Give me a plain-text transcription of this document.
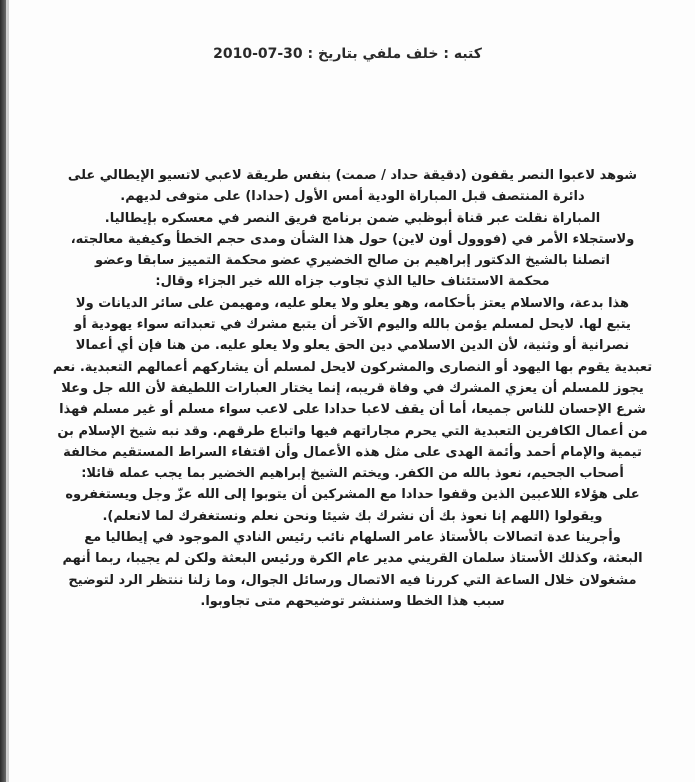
كتبه : خلف ملفي بتاريخ : 30-07-2010
شوهد لاعبوا النصر يقفون (دقيقة حداد / صمت) بنفس طريقة لاعبي لاتسيو الإيطالي على
دائرة المنتصف قبل المباراة الودية أمس الأول (حدادا) على متوفى لديهم.
المباراة نقلت عبر قناة أبوظبي ضمن برنامج فريق النصر في معسكره بإيطاليا.
ولاستجلاء الأمر في (فووول أون لاين) حول هذا الشأن ومدى حجم الخطأ وكيفية معالجته،
اتصلنا بالشيخ الدكتور إبراهيم بن صالح الخضيري عضو محكمة التمييز سابقا وعضو
محكمة الاستئناف حاليا الذي تجاوب جزاه الله خير الجزاء وقال:
هذا بدعة، والاسلام يعتز بأحكامه، وهو يعلو ولا يعلو عليه، ومهيمن على سائر الديانات ولا
يتبع لها. لايحل لمسلم يؤمن بالله واليوم الآخر أن يتبع مشرك في تعبداته سواء يهودية أو
نصرانية أو وثنية، لأن الدين الاسلامي دين الحق يعلو ولا يعلو عليه. من هنا فإن أي أعمالا
تعبدية يقوم بها اليهود أو النصارى والمشركون لايحل لمسلم أن يشاركهم أعمالهم التعبدية. نعم
يجوز للمسلم أن يعزي المشرك في وفاة قريبه، إنما يختار العبارات اللطيفة لأن الله جل وعلا
شرع الإحسان للناس جميعا، أما أن يقف لاعبا حدادا على لاعب سواء مسلم أو غير مسلم فهذا
من أعمال الكافرين التعبدية التي يحرم مجاراتهم فيها واتباع طرقهم. وقد نبه شيخ الإسلام بن
تيمية والإمام أحمد وأئمة الهدى على مثل هذه الأعمال وأن اقتفاء السراط المستقيم مخالفة
أصحاب الجحيم، نعوذ بالله من الكفر. ويختم الشيخ إبراهيم الخضير بما يجب عمله قائلا:
على هؤلاء اللاعبين الذين وقفوا حدادا مع المشركين أن يتوبوا إلى الله عزّ وجل ويستغفروه
ويقولوا (اللهم إنا نعوذ بك أن نشرك بك شيئا ونحن نعلم ونستغفرك لما لانعلم).
وأجرينا عدة اتصالات بالأستاذ عامر السلهام نائب رئيس النادي الموجود في إيطاليا مع
البعثة، وكذلك الأستاذ سلمان القريني مدير عام الكرة ورئيس البعثة ولكن لم يجيبا، ربما أنهم
مشغولان خلال الساعة التي كررنا فيه الاتصال ورسائل الجوال، وما زلنا ننتظر الرد لتوضيح
سبب هذا الخطا وسننشر توضيحهم متى تجاوبوا.
